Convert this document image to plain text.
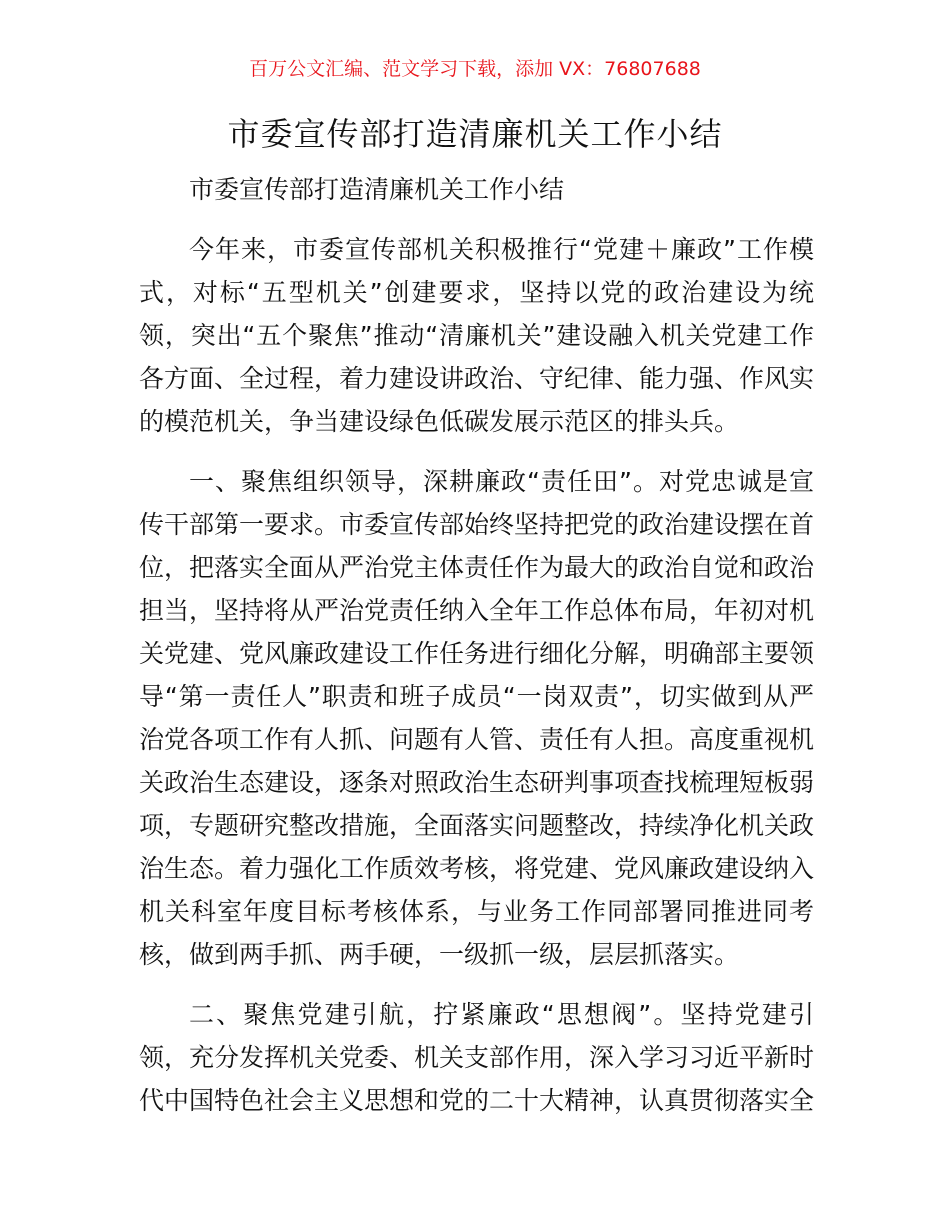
百万公文汇编、范文学习下载，添加 VX：76807688
市委宣传部打造清廉机关工作小结

市委宣传部打造清廉机关工作小结

今年来，市委宣传部机关积极推行“党建＋廉政”工作模式，对标“五型机关”创建要求，坚持以党的政治建设为统领，突出“五个聚焦”推动“清廉机关”建设融入机关党建工作各方面、全过程，着力建设讲政治、守纪律、能力强、作风实的模范机关，争当建设绿色低碳发展示范区的排头兵。

一、聚焦组织领导，深耕廉政“责任田”。对党忠诚是宣传干部第一要求。市委宣传部始终坚持把党的政治建设摆在首位，把落实全面从严治党主体责任作为最大的政治自觉和政治担当，坚持将从严治党责任纳入全年工作总体布局，年初对机关党建、党风廉政建设工作任务进行细化分解，明确部主要领导“第一责任人”职责和班子成员“一岗双责”，切实做到从严治党各项工作有人抓、问题有人管、责任有人担。高度重视机关政治生态建设，逐条对照政治生态研判事项查找梳理短板弱项，专题研究整改措施，全面落实问题整改，持续净化机关政治生态。着力强化工作质效考核，将党建、党风廉政建设纳入机关科室年度目标考核体系，与业务工作同部署同推进同考核，做到两手抓、两手硬，一级抓一级，层层抓落实。

二、聚焦党建引航，拧紧廉政“思想阀”。坚持党建引领，充分发挥机关党委、机关支部作用，深入学习习近平新时代中国特色社会主义思想和党的二十大精神，认真贯彻落实全
